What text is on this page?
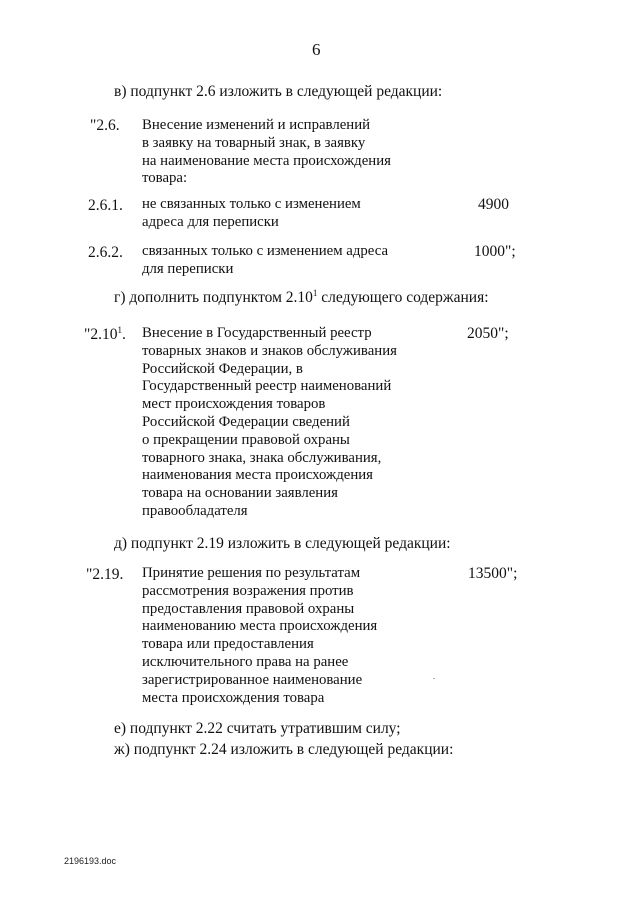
6
в) подпункт 2.6 изложить в следующей редакции:
"2.6. Внесение изменений и исправлений
в заявку на товарный знак, в заявку
на наименование места происхождения
товара:
2.6.1. не связанных только с изменением
адреса для переписки
4900
2.6.2. связанных только с изменением адреса
для переписки
1000";
г) дополнить подпунктом 2.10$^1$ следующего содержания:
"2.10$^1$. Внесение в Государственный реестр
товарных знаков и знаков обслуживания
Российской Федерации, в
Государственный реестр наименований
мест происхождения товаров
Российской Федерации сведений
о прекращении правовой охраны
товарного знака, знака обслуживания,
наименования места происхождения
товара на основании заявления
правообладателя
2050";
д) подпункт 2.19 изложить в следующей редакции:
"2.19. Принятие решения по результатам
рассмотрения возражения против
предоставления правовой охраны
наименованию места происхождения
товара или предоставления
исключительного права на ранее
зарегистрированное наименование
места происхождения товара
13500";
е) подпункт 2.22 считать утратившим силу;
ж) подпункт 2.24 изложить в следующей редакции:
2196193.doc
